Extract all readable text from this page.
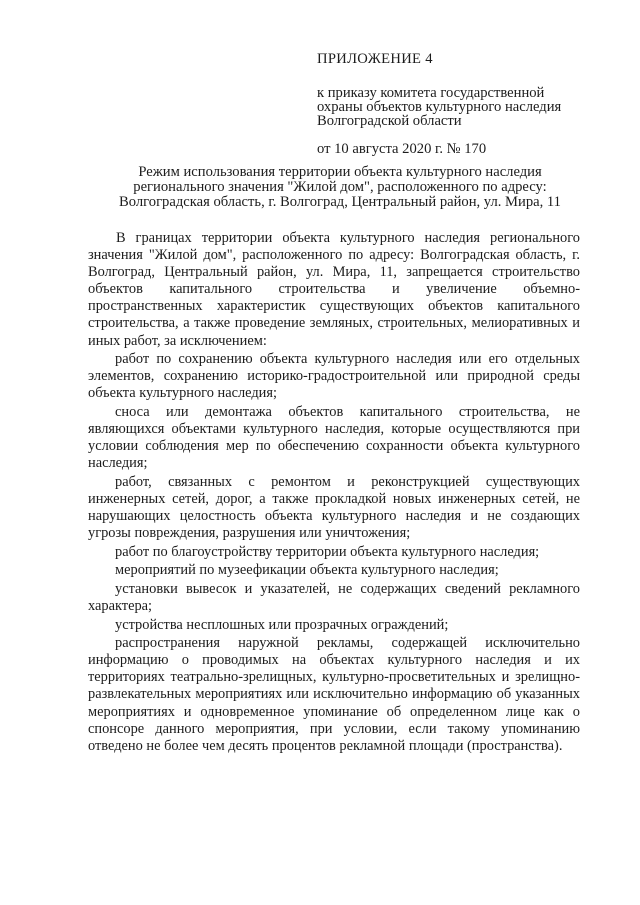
ПРИЛОЖЕНИЕ 4
к приказу комитета государственной
охраны объектов культурного наследия
Волгоградской области
от 10 августа 2020 г. № 170
Режим использования территории объекта культурного наследия
регионального значения "Жилой дом", расположенного по адресу:
Волгоградская область, г. Волгоград, Центральный район, ул. Мира, 11

В границах территории объекта культурного наследия регионального значения "Жилой дом", расположенного по адресу: Волгоградская область, г. Волгоград, Центральный район, ул. Мира, 11, запрещается строительство объектов капитального строительства и увеличение объемно-пространственных характеристик существующих объектов капитального строительства, а также проведение земляных, строительных, мелиоративных и иных работ, за исключением:

работ по сохранению объекта культурного наследия или его отдельных элементов, сохранению историко-градостроительной или природной среды объекта культурного наследия;

сноса или демонтажа объектов капитального строительства, не являющихся объектами культурного наследия, которые осуществляются при условии соблюдения мер по обеспечению сохранности объекта культурного наследия;

работ, связанных с ремонтом и реконструкцией существующих инженерных сетей, дорог, а также прокладкой новых инженерных сетей, не нарушающих целостность объекта культурного наследия и не создающих угрозы повреждения, разрушения или уничтожения;

работ по благоустройству территории объекта культурного наследия;

мероприятий по музеефикации объекта культурного наследия;

установки вывесок и указателей, не содержащих сведений рекламного характера;

устройства несплошных или прозрачных ограждений;

распространения наружной рекламы, содержащей исключительно информацию о проводимых на объектах культурного наследия и их территориях театрально-зрелищных, культурно-просветительных и зрелищно-развлекательных мероприятиях или исключительно информацию об указанных мероприятиях и одновременное упоминание об определенном лице как о спонсоре данного мероприятия, при условии, если такому упоминанию отведено не более чем десять процентов рекламной площади (пространства).
